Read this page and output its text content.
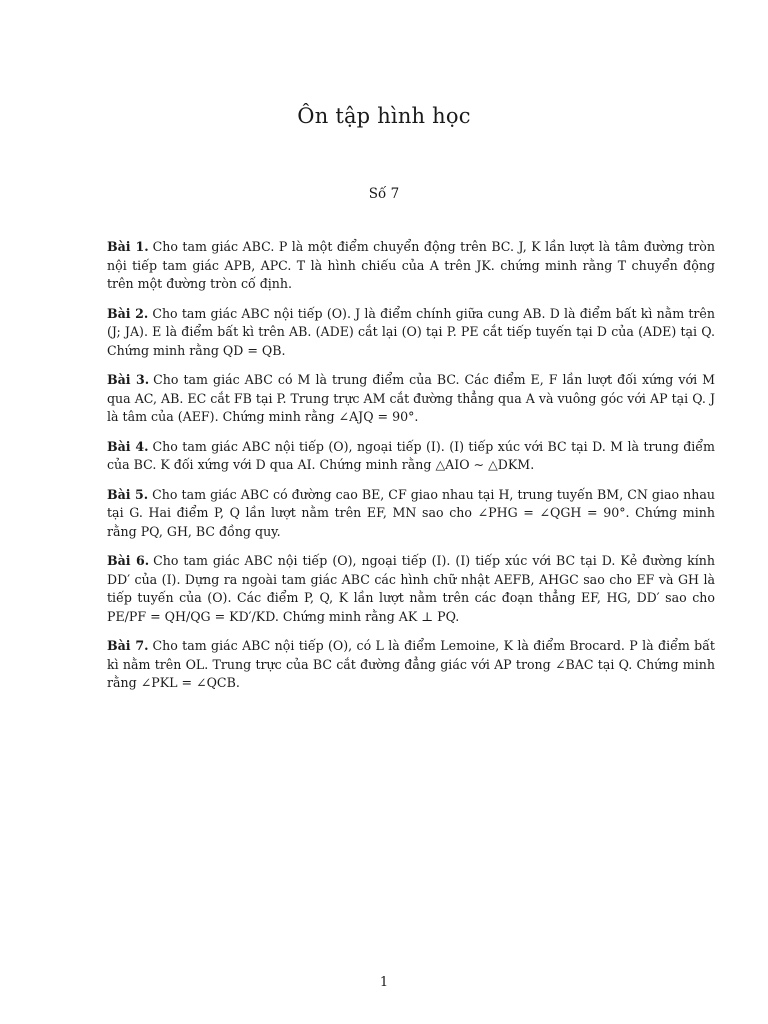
Ôn tập hình học
Số 7

Bài 1. Cho tam giác ABC. P là một điểm chuyển động trên BC. J, K lần lượt là tâm đường tròn nội tiếp tam giác APB, APC. T là hình chiếu của A trên JK. chứng minh rằng T chuyển động trên một đường tròn cố định.

Bài 2. Cho tam giác ABC nội tiếp (O). J là điểm chính giữa cung AB. D là điểm bất kì nằm trên (J; JA). E là điểm bất kì trên AB. (ADE) cắt lại (O) tại P. PE cắt tiếp tuyến tại D của (ADE) tại Q. Chứng minh rằng QD = QB.

Bài 3. Cho tam giác ABC có M là trung điểm của BC. Các điểm E, F lần lượt đối xứng với M qua AC, AB. EC cắt FB tại P. Trung trực AM cắt đường thẳng qua A và vuông góc với AP tại Q. J là tâm của (AEF). Chứng minh rằng ∠AJQ = 90°.

Bài 4. Cho tam giác ABC nội tiếp (O), ngoại tiếp (I). (I) tiếp xúc với BC tại D. M là trung điểm của BC. K đối xứng với D qua AI. Chứng minh rằng △AIO ∼ △DKM.

Bài 5. Cho tam giác ABC có đường cao BE, CF giao nhau tại H, trung tuyến BM, CN giao nhau tại G. Hai điểm P, Q lần lượt nằm trên EF, MN sao cho ∠PHG = ∠QGH = 90°. Chứng minh rằng PQ, GH, BC đồng quy.

Bài 6. Cho tam giác ABC nội tiếp (O), ngoại tiếp (I). (I) tiếp xúc với BC tại D. Kẻ đường kính DD′ của (I). Dựng ra ngoài tam giác ABC các hình chữ nhật AEFB, AHGC sao cho EF và GH là tiếp tuyến của (O). Các điểm P, Q, K lần lượt nằm trên các đoạn thẳng EF, HG, DD′ sao cho PE/PF = QH/QG = KD′/KD. Chứng minh rằng AK ⊥ PQ.

Bài 7. Cho tam giác ABC nội tiếp (O), có L là điểm Lemoine, K là điểm Brocard. P là điểm bất kì nằm trên OL. Trung trực của BC cắt đường đẳng giác với AP trong ∠BAC tại Q. Chứng minh rằng ∠PKL = ∠QCB.

1
